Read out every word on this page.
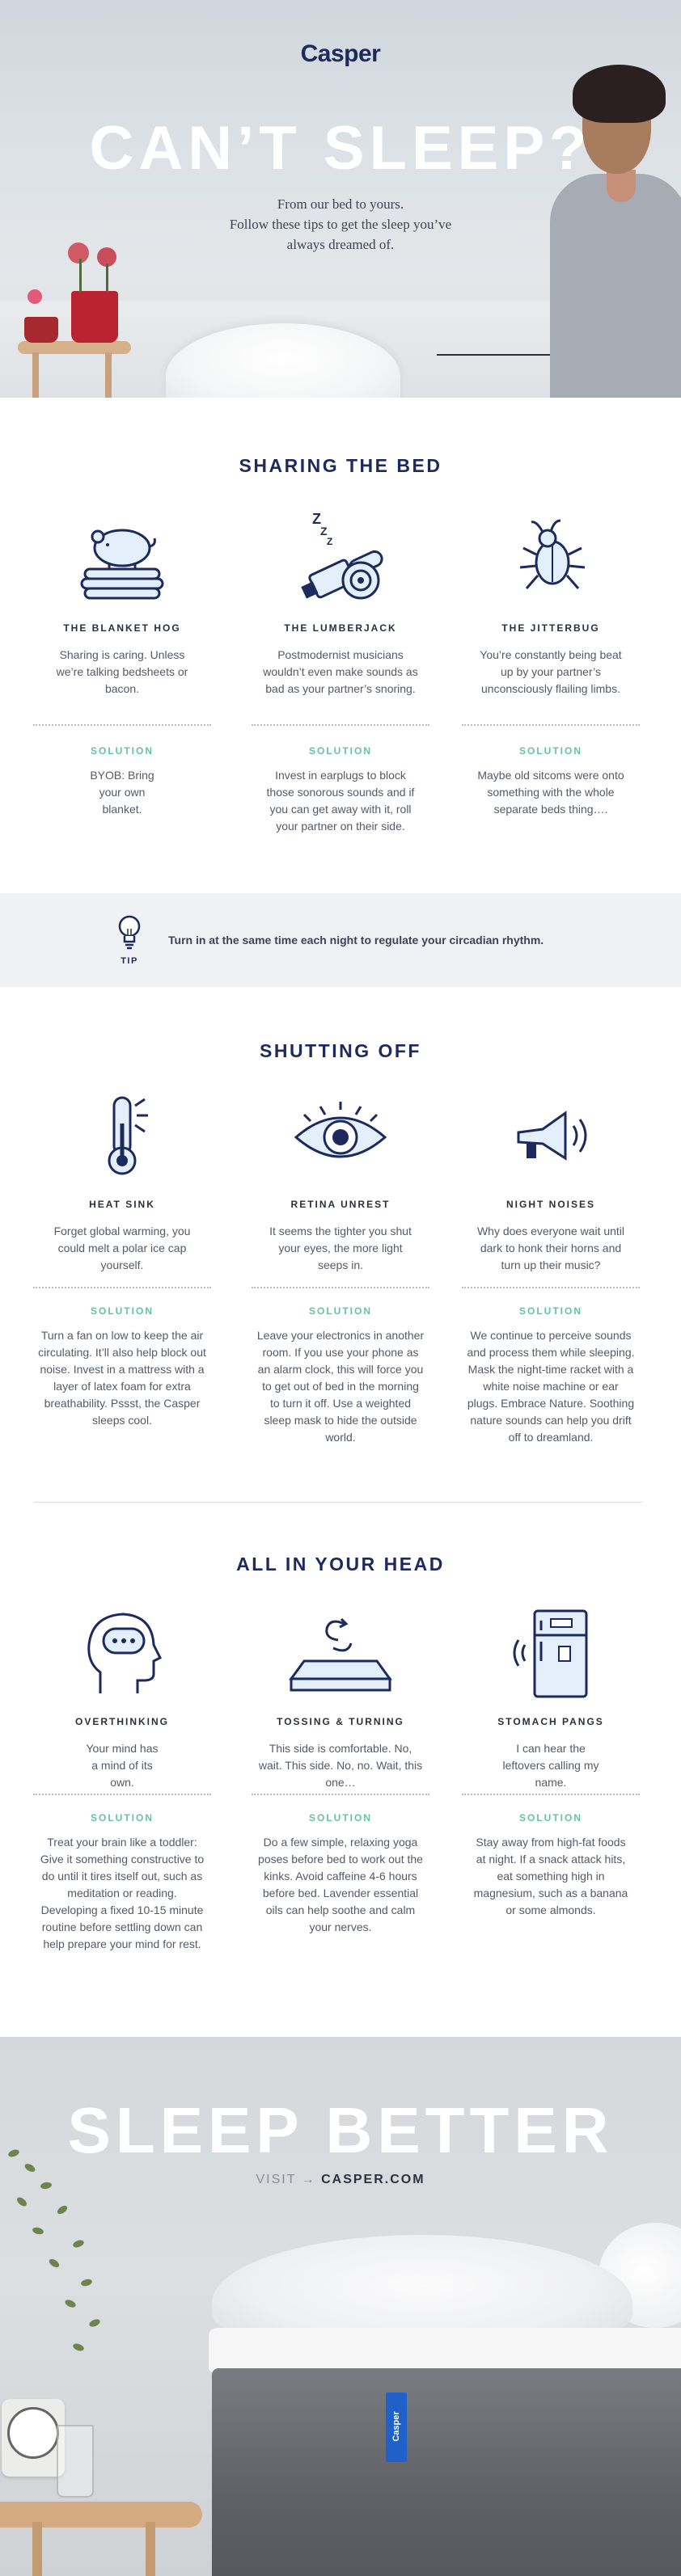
Casper
CAN’T SLEEP?

From our bed to yours.

Follow these tips to get the sleep you’ve

always dreamed of.

SHARING THE BED
THE BLANKET HOG
Sharing is caring. Unless we’re talking bedsheets or bacon.
Z
Z
Z
THE LUMBERJACK
Postmodernist musicians wouldn’t even make sounds as bad as your partner’s snoring.
THE JITTERBUG
You’re constantly being beat up by your partner’s unconsciously flailing limbs.
SOLUTION
BYOB: Bring your own blanket.
SOLUTION
Invest in earplugs to block those sonorous sounds and if you can get away with it, roll your partner on their side.
SOLUTION
Maybe old sitcoms were onto something with the whole separate beds thing….
TIP
Turn in at the same time each night to regulate your circadian rhythm.
SHUTTING OFF
HEAT SINK
Forget global warming, you could melt a polar ice cap yourself.
RETINA UNREST
It seems the tighter you shut your eyes, the more light seeps in.
NIGHT NOISES
Why does everyone wait until dark to honk their horns and turn up their music?
SOLUTION
Turn a fan on low to keep the air circulating. It’ll also help block out noise. Invest in a mattress with a layer of latex foam for extra breathability. Pssst, the Casper sleeps cool.
SOLUTION
Leave your electronics in another room. If you use your phone as an alarm clock, this will force you to get out of bed in the morning to turn it off. Use a weighted sleep mask to hide the outside world.
SOLUTION
We continue to perceive sounds and process them while sleeping. Mask the night-time racket with a white noise machine or ear plugs. Embrace Nature. Soothing nature sounds can help you drift off to dreamland.
ALL IN YOUR HEAD
OVERTHINKING
Your mind has a mind of its own.
TOSSING & TURNING
This side is comfortable. No, wait. This side. No, no. Wait, this one…
STOMACH PANGS
I can hear the leftovers calling my name.
SOLUTION
Treat your brain like a toddler: Give it something constructive to do until it tires itself out, such as meditation or reading. Developing a fixed 10-15 minute routine before settling down can help prepare your mind for rest.
SOLUTION
Do a few simple, relaxing yoga poses before bed to work out the kinks. Avoid caffeine 4-6 hours before bed. Lavender essential oils can help soothe and calm your nerves.
SOLUTION
Stay away from high-fat foods at night. If a snack attack hits, eat something high in magnesium, such as a banana or some almonds.
Casper
SLEEP BETTER
VISIT → CASPER.COM
